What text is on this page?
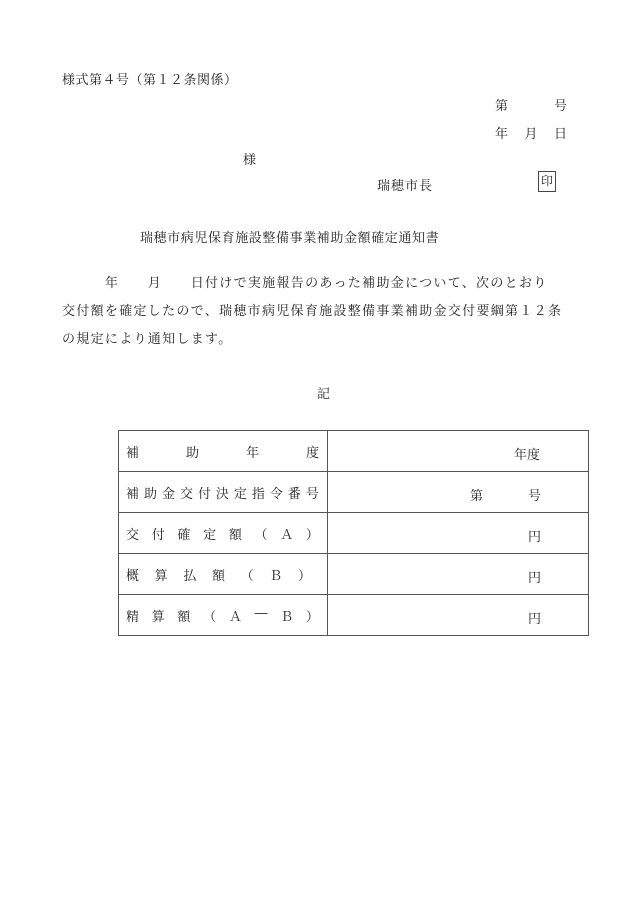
様式第４号（第１２条関係）
第	号
年 月 日
様
瑞穂市長	印
瑞穂市病児保育施設整備事業補助金額確定通知書
　　　年　　月　　日付けで実施報告のあった補助金について、次のとおり
交付額を確定したので、瑞穂市病児保育施設整備事業補助金交付要綱第１２条
の規定により通知します。
記
補 助 年 度	年度

補 助 金 交 付 決 定 指 令 番 号	第	号

交 付 確 定 額 （ Ａ ）	円

概 算 払 額 （ Ｂ ）	円

精 算 額 （ Ａ ― Ｂ ）	円
